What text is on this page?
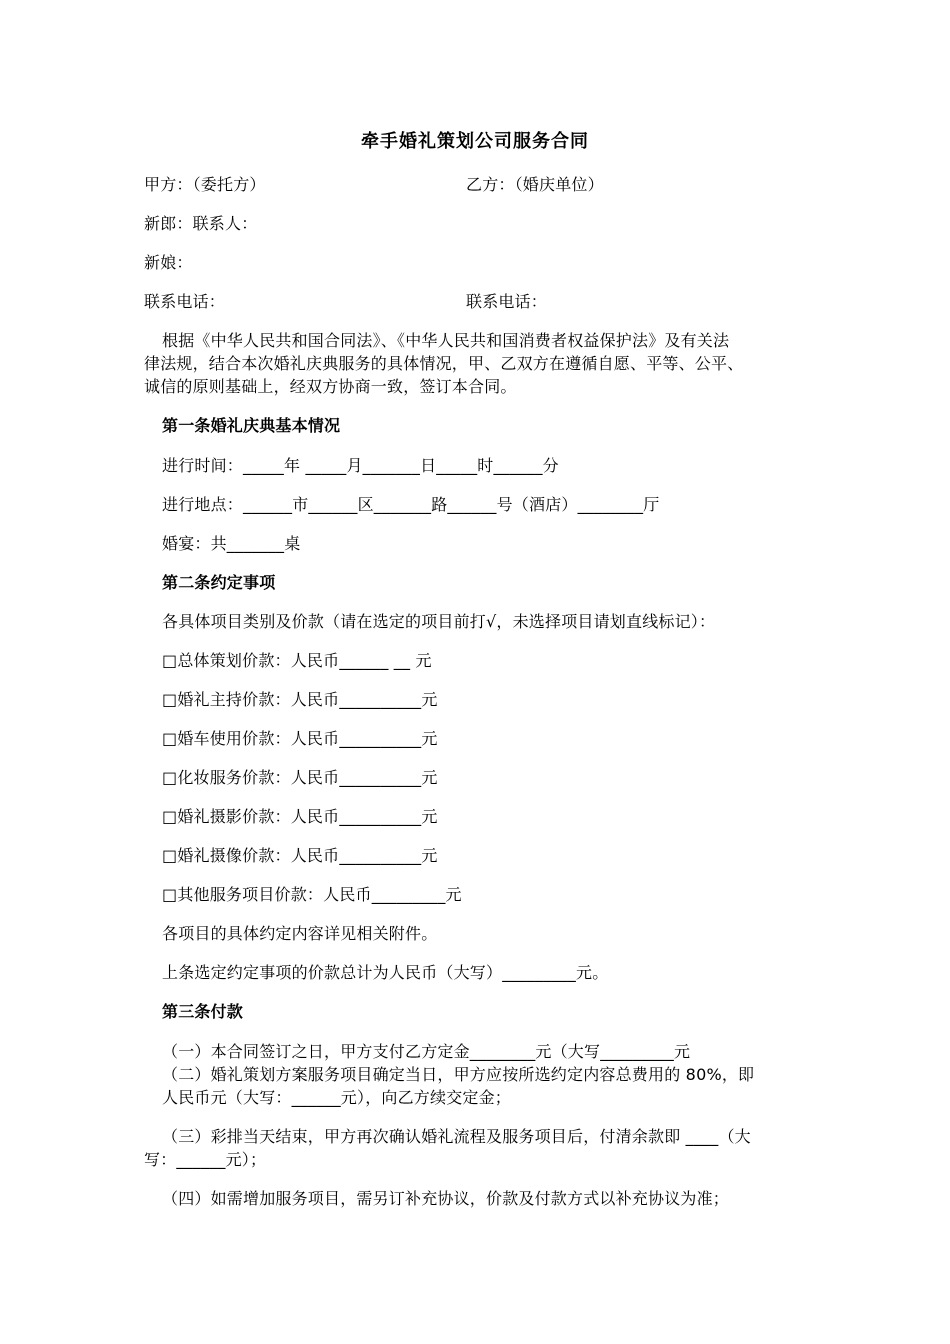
牵手婚礼策划公司服务合同
甲方：（委托方）	乙方：（婚庆单位）
新郎：联系人：
新娘：
联系电话：	联系电话：
根据《中华人民共和国合同法》、《中华人民共和国消费者权益保护法》及有关法
律法规，结合本次婚礼庆典服务的具体情况，甲、乙双方在遵循自愿、平等、公平、
诚信的原则基础上，经双方协商一致，签订本合同。
第一条婚礼庆典基本情况
进行时间：_____年 _____月_______日_____时______分
进行地点：______市______区_______路______号（酒店）________厅
婚宴：共_______桌
第二条约定事项
各具体项目类别及价款（请在选定的项目前打√，未选择项目请划直线标记）：
□总体策划价款：人民币______ __ 元
□婚礼主持价款：人民币__________元
□婚车使用价款：人民币__________元
□化妆服务价款：人民币__________元
□婚礼摄影价款：人民币__________元
□婚礼摄像价款：人民币__________元
□其他服务项目价款：人民币_________元
各项目的具体约定内容详见相关附件。
上条选定约定事项的价款总计为人民币（大写）_________元。
第三条付款
（一）本合同签订之日，甲方支付乙方定金________元（大写_________元
（二）婚礼策划方案服务项目确定当日，甲方应按所选约定内容总费用的 80%，即
人民币元（大写：______元），向乙方续交定金；
（三）彩排当天结束，甲方再次确认婚礼流程及服务项目后，付清余款即 ____（大
写：______元）；
（四）如需增加服务项目，需另订补充协议，价款及付款方式以补充协议为准；
